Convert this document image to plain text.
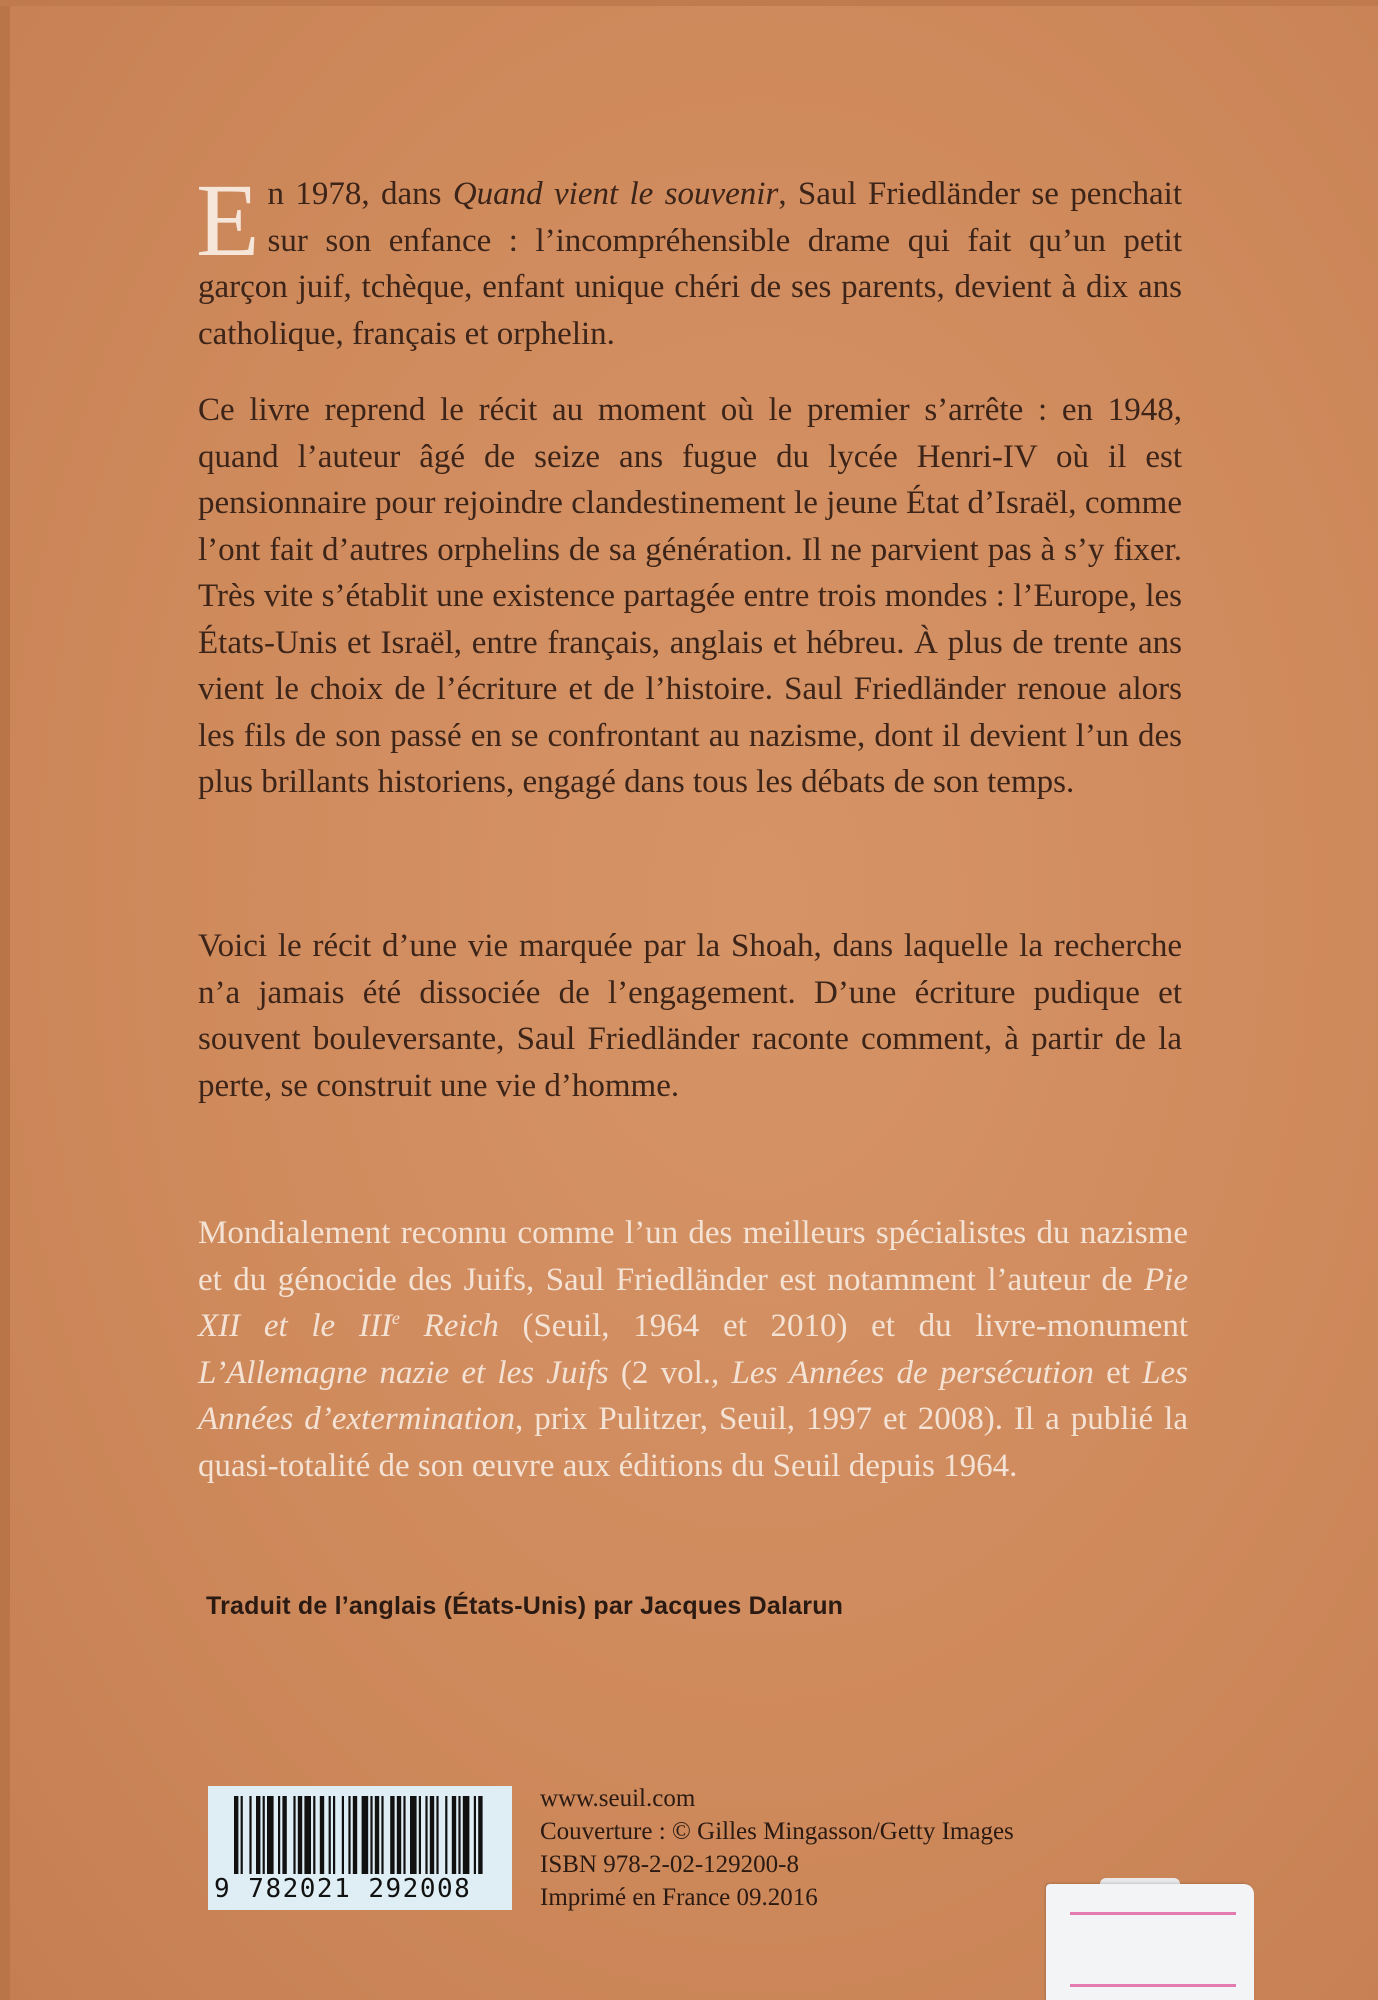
En 1978, dans Quand vient le souvenir, Saul Friedländer se penchait sur son enfance : l’incompréhensible drame qui fait qu’un petit garçon juif, tchèque, enfant unique chéri de ses parents, devient à dix ans catholique, français et orphelin.

Ce livre reprend le récit au moment où le premier s’arrête : en 1948, quand l’auteur âgé de seize ans fugue du lycée Henri-IV où il est pensionnaire pour rejoindre clandestinement le jeune État d’Israël, comme l’ont fait d’autres orphelins de sa génération. Il ne parvient pas à s’y fixer. Très vite s’établit une existence partagée entre trois mondes : l’Europe, les États-Unis et Israël, entre français, anglais et hébreu. À plus de trente ans vient le choix de l’écriture et de l’histoire. Saul Friedländer renoue alors les fils de son passé en se confrontant au nazisme, dont il devient l’un des plus brillants historiens, engagé dans tous les débats de son temps.

Voici le récit d’une vie marquée par la Shoah, dans laquelle la recherche n’a jamais été dissociée de l’engagement. D’une écriture pudique et souvent bouleversante, Saul Friedländer raconte comment, à partir de la perte, se construit une vie d’homme.

Mondialement reconnu comme l’un des meilleurs spécialistes du nazisme et du génocide des Juifs, Saul Friedländer est notamment l’auteur de Pie XII et le IIIe Reich (Seuil, 1964 et 2010) et du livre-monument L’Allemagne nazie et les Juifs (2 vol., Les Années de persécution et Les Années d’extermination, prix Pulitzer, Seuil, 1997 et 2008). Il a publié la quasi-totalité de son œuvre aux éditions du Seuil depuis 1964.

Traduit de l’anglais (États-Unis) par Jacques Dalarun

9 782021 292008
www.seuil.com
Couverture : © Gilles Mingasson/Getty Images
ISBN 978-2-02-129200-8
Imprimé en France 09.2016
